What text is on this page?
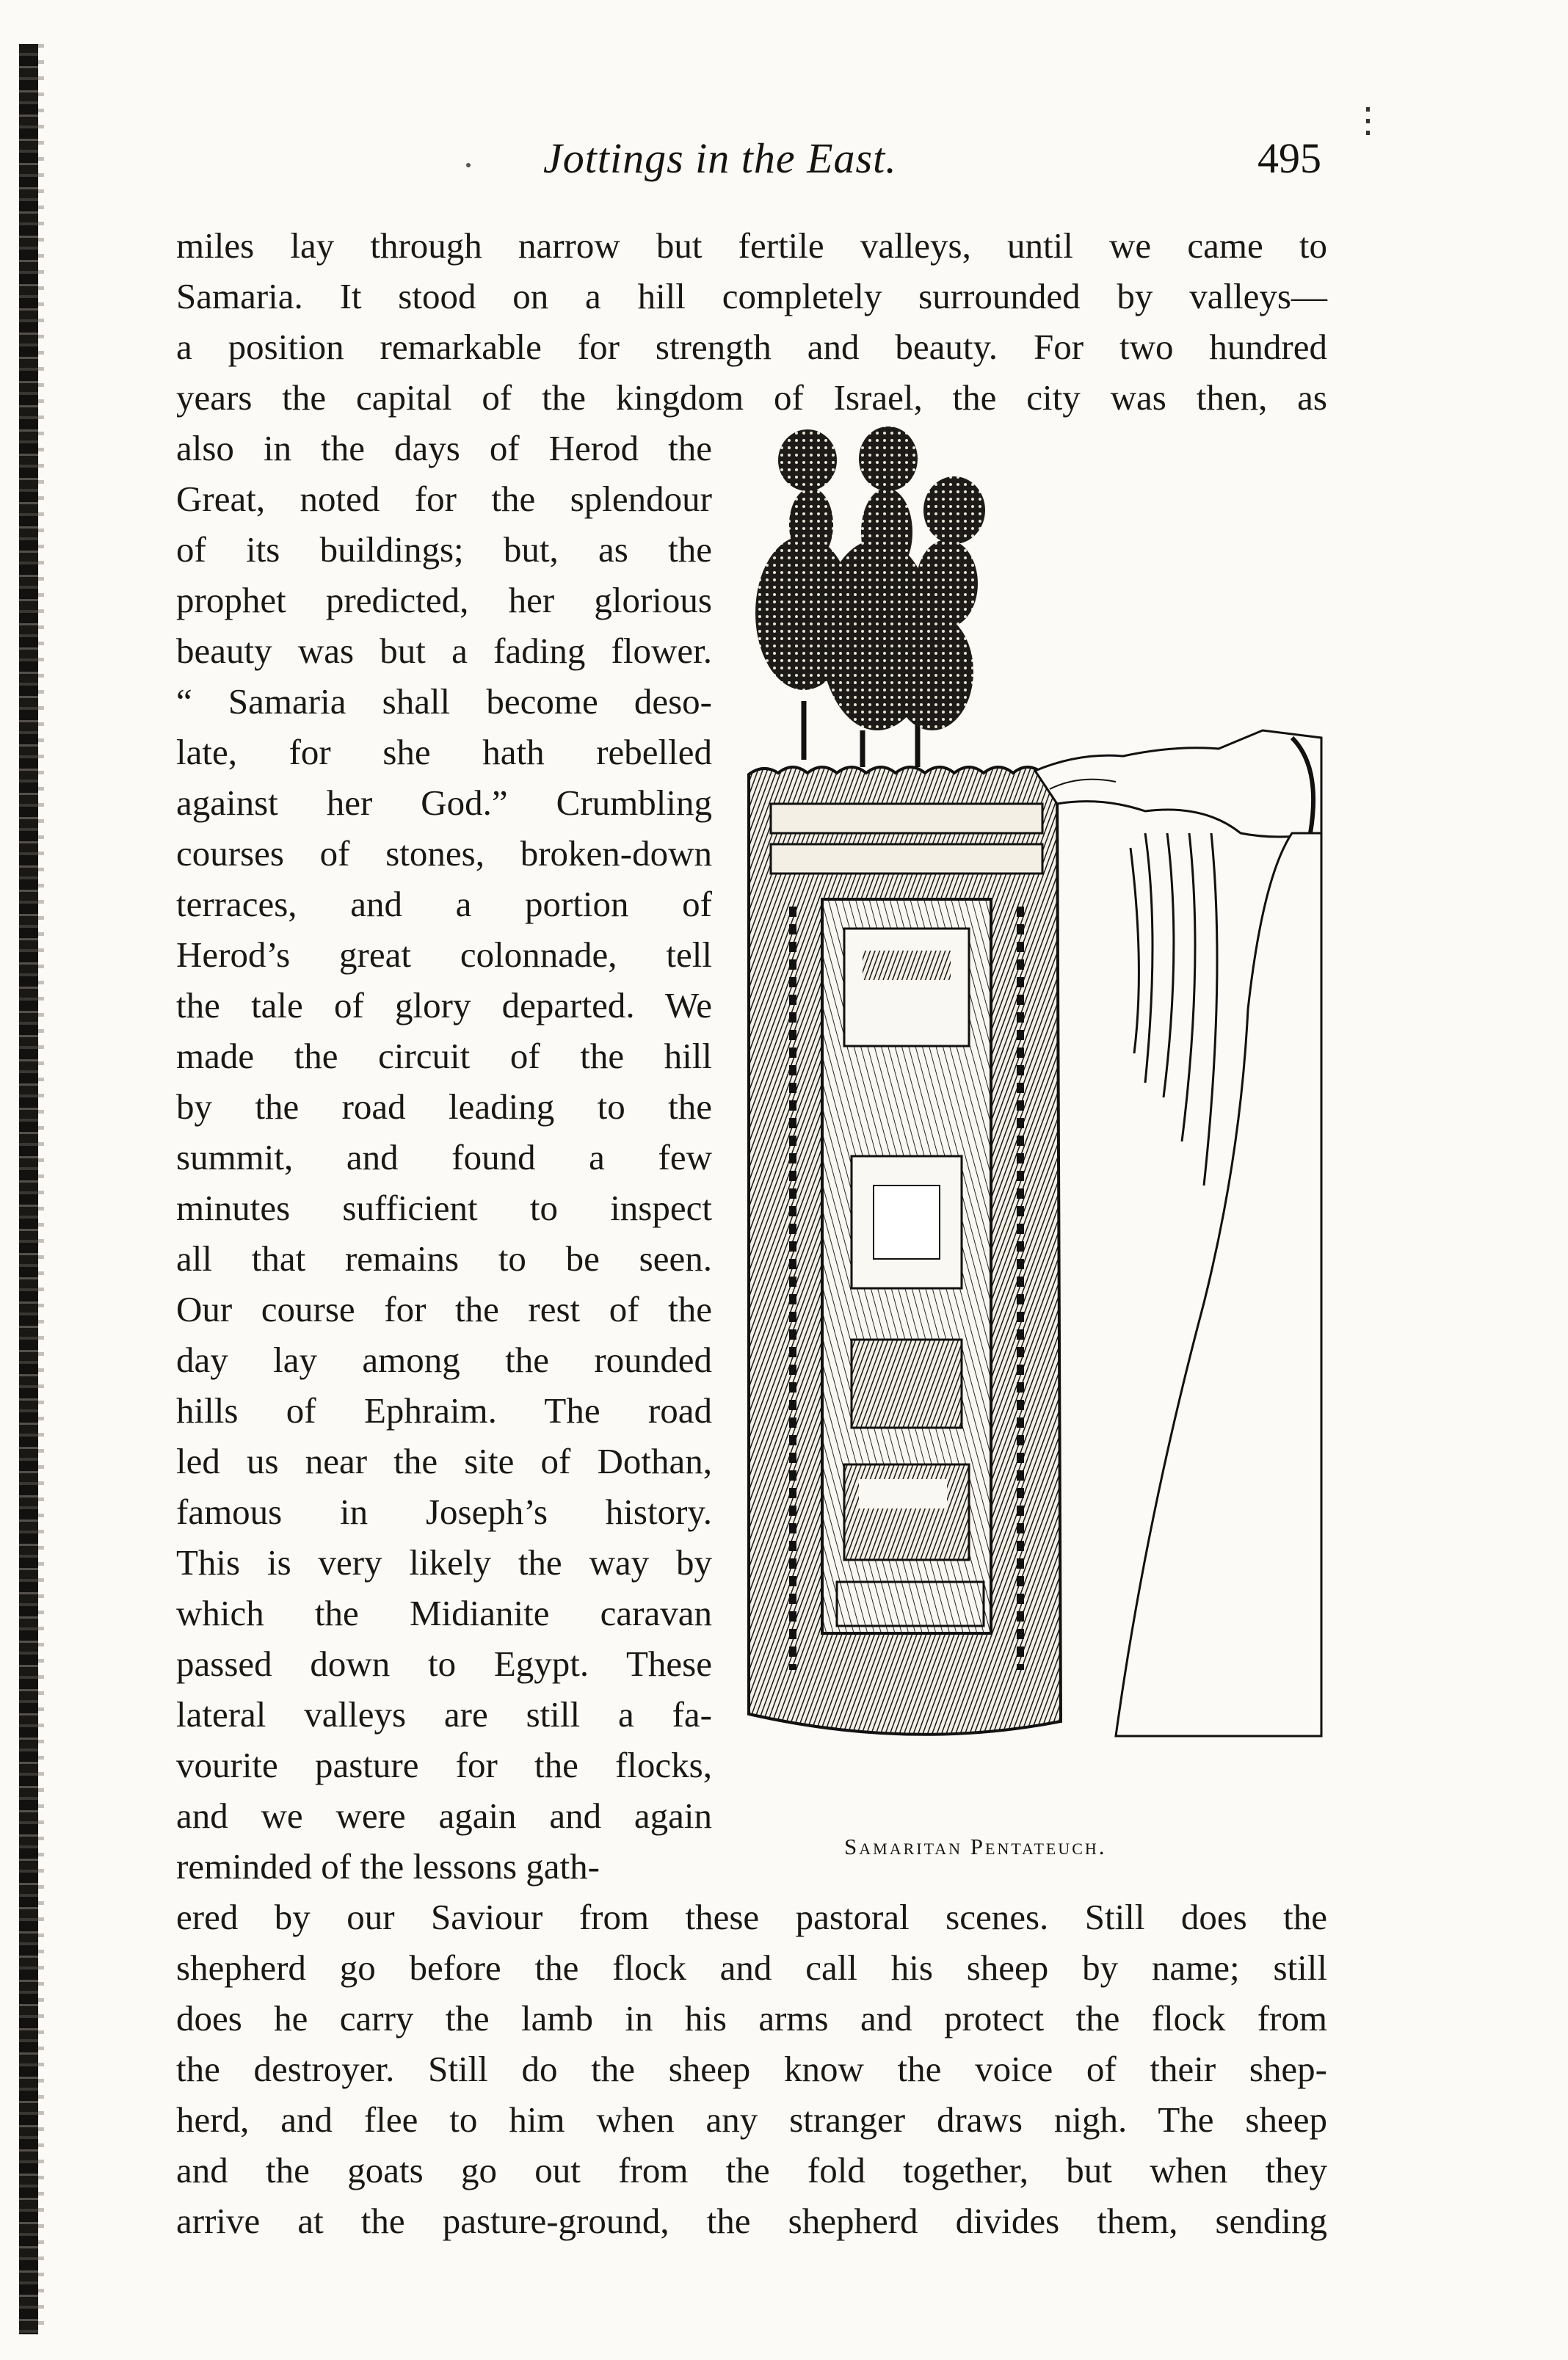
Jottings in the East.	495
miles lay through narrow but fertile valleys, until we came to
Samaria. It stood on a hill completely surrounded by valleys—
a position remarkable for strength and beauty. For two hundred
years the capital of the kingdom of Israel, the city was then, as
also in the days of Herod the
Great, noted for the splendour
of its buildings; but, as the
prophet predicted, her glorious
beauty was but a fading flower.
“ Samaria shall become deso-
late, for she hath rebelled
against her God.” Crumbling
courses of stones, broken-down
terraces, and a portion of
Herod’s great colonnade, tell
the tale of glory departed. We
made the circuit of the hill
by the road leading to the
summit, and found a few
minutes sufficient to inspect
all that remains to be seen.
Our course for the rest of the
day lay among the rounded
hills of Ephraim. The road
led us near the site of Dothan,
famous in Joseph’s history.
This is very likely the way by
which the Midianite caravan
passed down to Egypt. These
lateral valleys are still a fa-
vourite pasture for the flocks,
and we were again and again
reminded of the lessons gath-	Samaritan Pentateuch.
ered by our Saviour from these pastoral scenes. Still does the
shepherd go before the flock and call his sheep by name; still
does he carry the lamb in his arms and protect the flock from
the destroyer. Still do the sheep know the voice of their shep-
herd, and flee to him when any stranger draws nigh. The sheep
and the goats go out from the fold together, but when they
arrive at the pasture-ground, the shepherd divides them, sending
